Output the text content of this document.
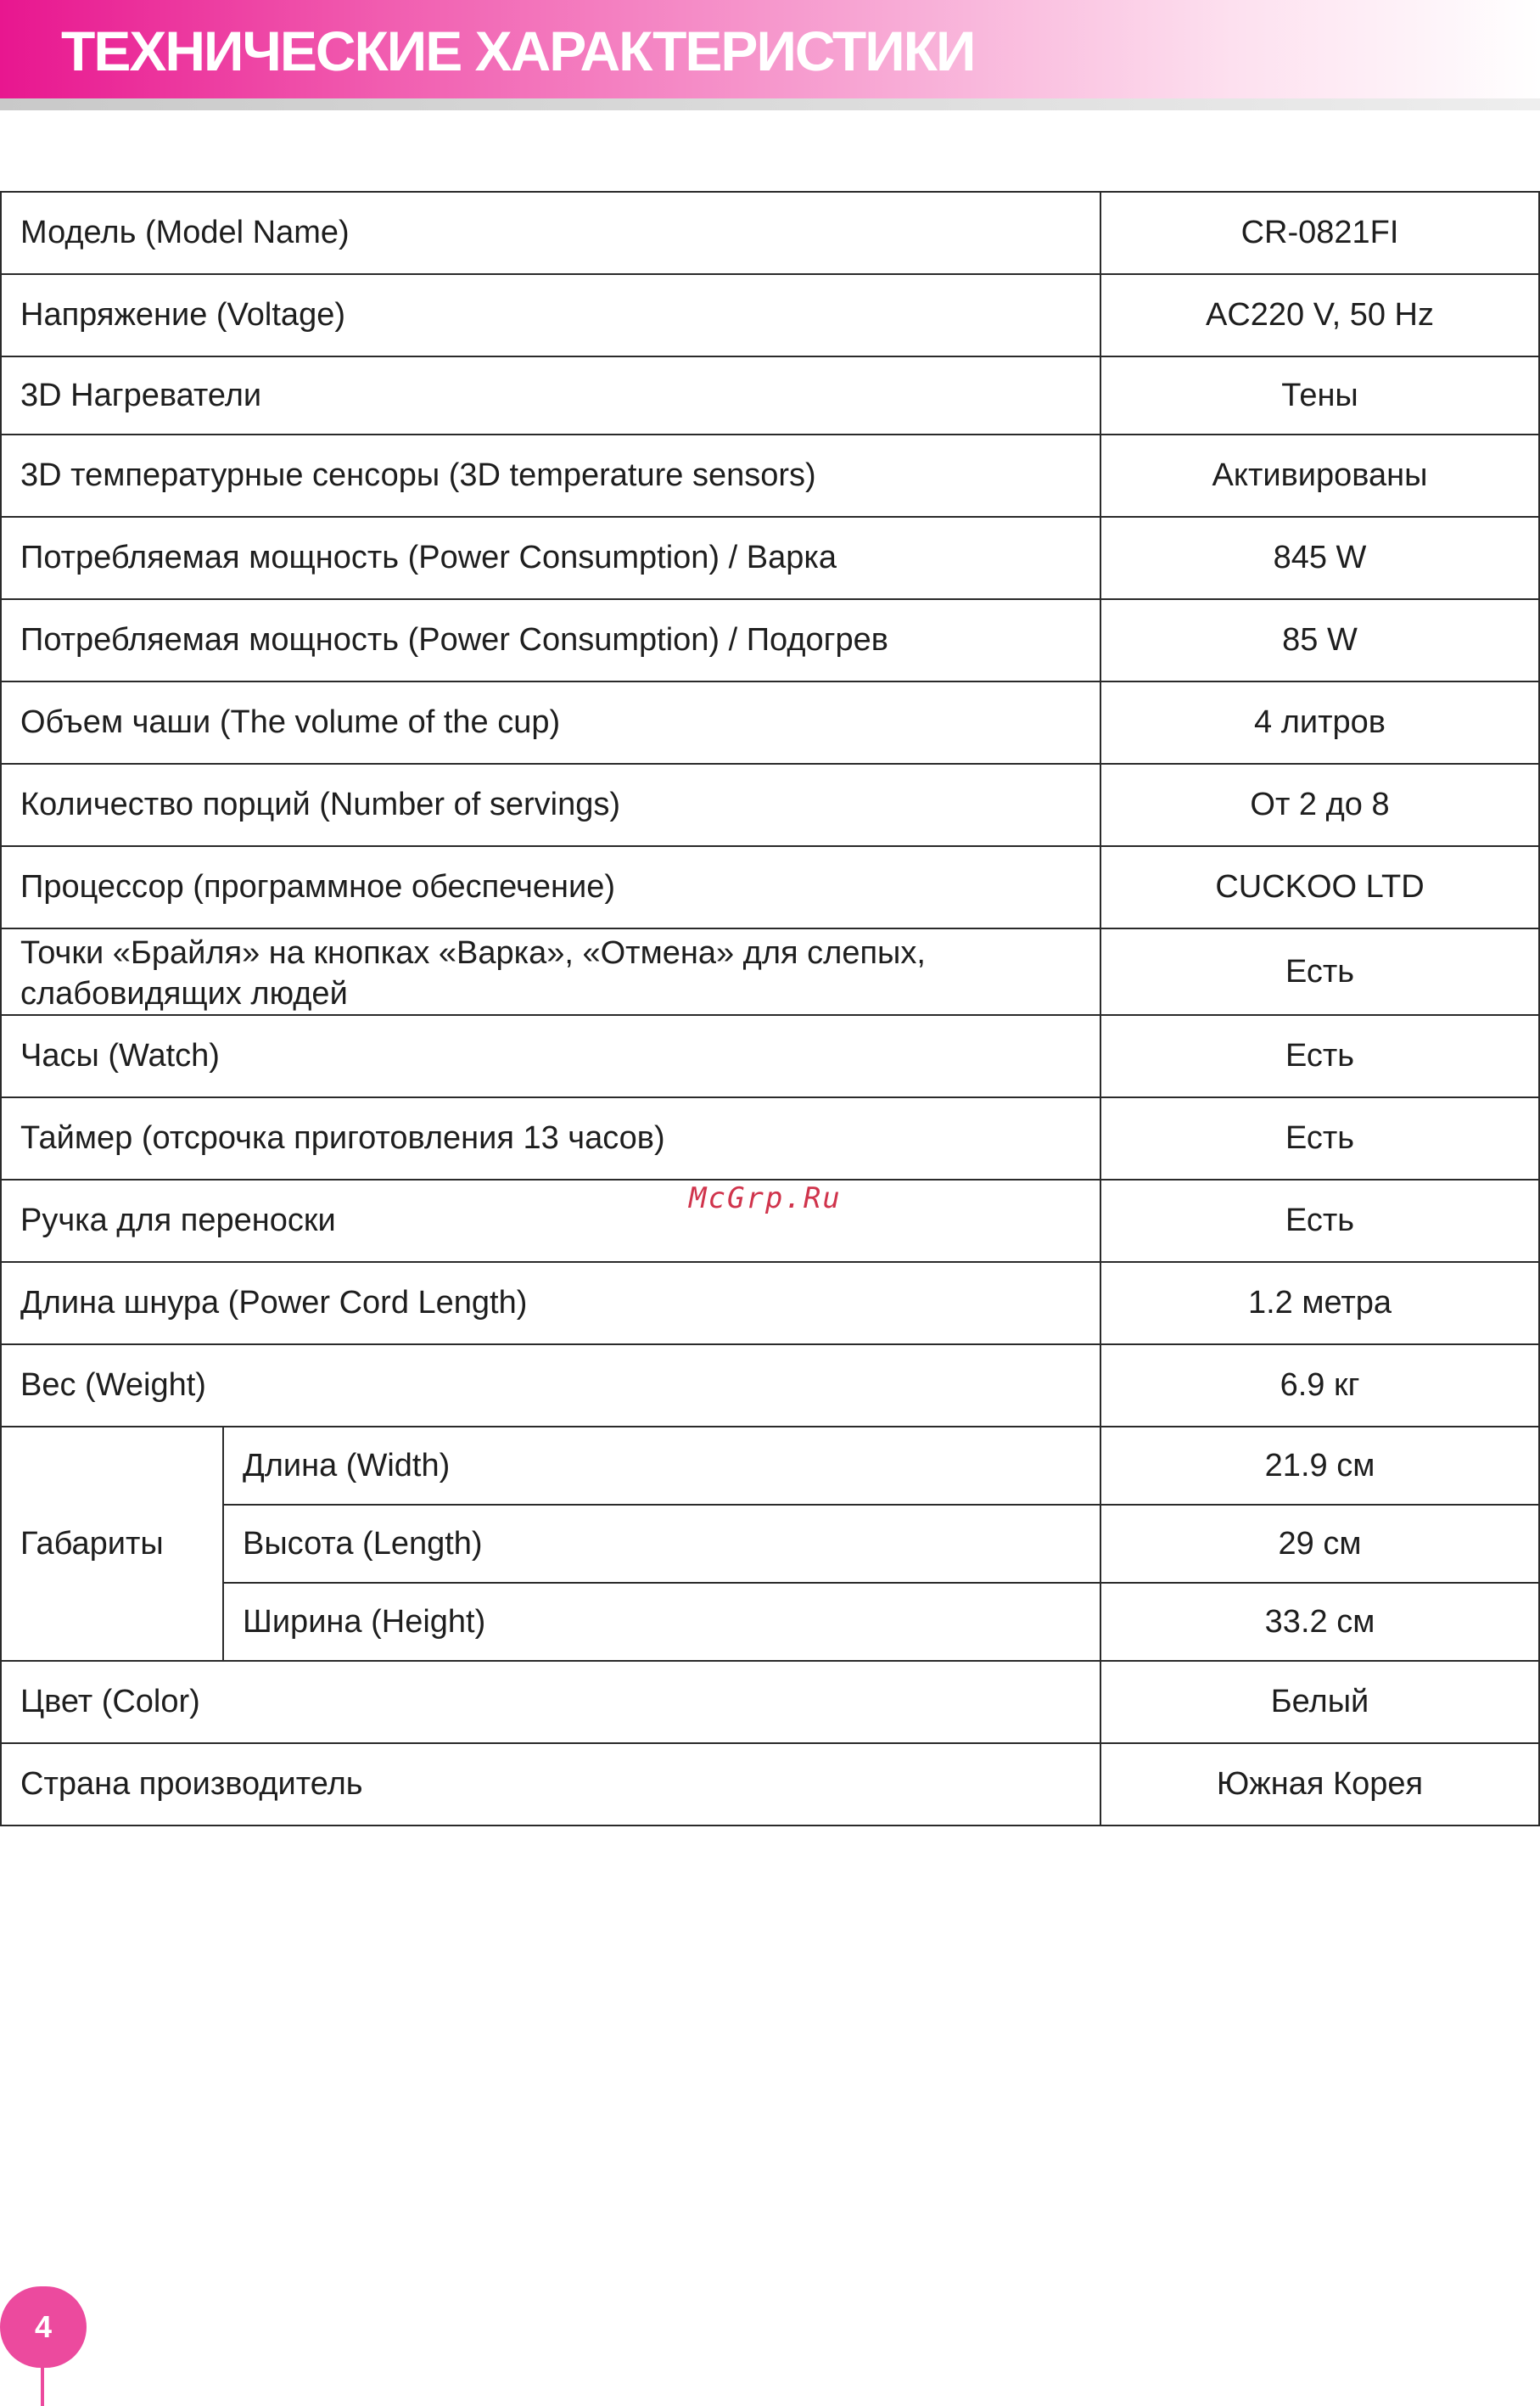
ТЕХНИЧЕСКИЕ ХАРАКТЕРИСТИКИ
Модель (Model Name)		CR-0821FI
Напряжение (Voltage)		AC220 V, 50 Hz
3D Нагреватели		Тены
3D температурные сенсоры (3D temperature sensors)		Активированы
Потребляемая мощность (Power Consumption) / Варка		845 W
Потребляемая мощность (Power Consumption) / Подогрев		85 W
Объем чаши (The volume of the cup)		4 литров
Количество порций (Number of servings)		От 2 до 8
Процессор (программное обеспечение)		CUCKOO LTD
Точки «Брайля» на кнопках «Варка», «Отмена» для слепых, слабовидящих людей		Есть
Часы (Watch)		Есть
Таймер (отсрочка приготовления 13 часов)		Есть
Ручка для переноски		Есть
Длина шнура (Power Cord Length)		1.2 метра
Вес (Weight)		6.9 кг
Габариты	Длина (Width)	21.9 см
	Высота (Length)	29 см
	Ширина (Height)	33.2 см
Цвет (Color)		Белый
Страна производитель		Южная Корея
McGrp.Ru
4
